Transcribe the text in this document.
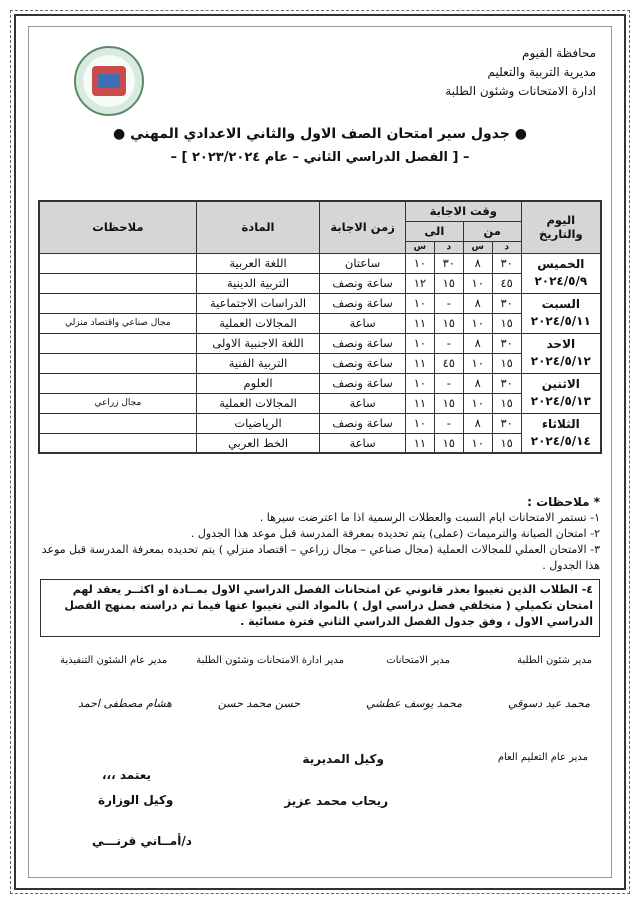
محافظة الفيوم
مديرية التربية والتعليم
ادارة الامتحانات وشئون الطلبة
● جدول سير امتحان الصف الاول والثاني الاعدادي المهني ●
– [ الفصل الدراسي الثاني – عام ٢٠٢٣/٢٠٢٤ ] –
اليوم والتاريخ	وقت الاجابة				زمن الاجابة	المادة	ملاحظات
	من		الى				
	د	س	د	س			

الخميس
٢٠٢٤/٥/٩	٣٠	٨	٣٠	١٠	ساعتان	اللغة العربية	
	٤٥	١٠	١٥	١٢	ساعة ونصف	التربية الدينية	

السبت
٢٠٢٤/٥/١١	٣٠	٨	-	١٠	ساعة ونصف	الدراسات الاجتماعية	
	١٥	١٠	١٥	١١	ساعة	المجالات العملية	مجال صناعي واقتصاد منزلي

الاحد
٢٠٢٤/٥/١٢	٣٠	٨	-	١٠	ساعة ونصف	اللغة الاجنبية الاولى	
	١٥	١٠	٤٥	١١	ساعة ونصف	التربية الفنية	

الاثنين
٢٠٢٤/٥/١٣	٣٠	٨	-	١٠	ساعة ونصف	العلوم	
	١٥	١٠	١٥	١١	ساعة	المجالات العملية	مجال زراعي

الثلاثاء
٢٠٢٤/٥/١٤	٣٠	٨	-	١٠	ساعة ونصف	الرياضيات	
	١٥	١٠	١٥	١١	ساعة	الخط العربي	
* ملاحظات :
١- تستمر الامتحانات ايام السبت والعطلات الرسمية اذا ما اعترضت سيرها .
٢- امتحان الصيانة والترميمات (عملى) يتم تحديده بمعرفة المدرسة قبل موعد هذا الجدول .
٣- الامتحان العملي للمجالات العملية (مجال صناعي – مجال زراعي – اقتصاد منزلي ) يتم تحديده بمعرفة المدرسة قبل موعد هذا الجدول .
٤- الطلاب الذين تغيبوا بعذر قانوني عن امتحانات الفصل الدراسي الاول بمــادة او اكثــر يعقد لهم امتحان تكميلي ( متخلفي فصل دراسي اول ) بالمواد التي تغيبوا عنها فيما تم دراسته بمنهج الفصل الدراسي الاول ، وفق جدول الفصل الدراسي الثاني فترة مسائية .
مدير شئون الطلبة
مدير الامتحانات
مدير ادارة الامتحانات وشئون الطلبة
مدير عام الشئون التنفيذية
محمد عيد دسوقي
محمد يوسف عطشي
حسن محمد حسن
هشام مصطفى احمد
مدير عام التعليم العام
وكيل المديرية
ريحاب محمد عزيز
يعتمد ،،،
وكيل الوزارة
د/أمــاني قرنـــي
